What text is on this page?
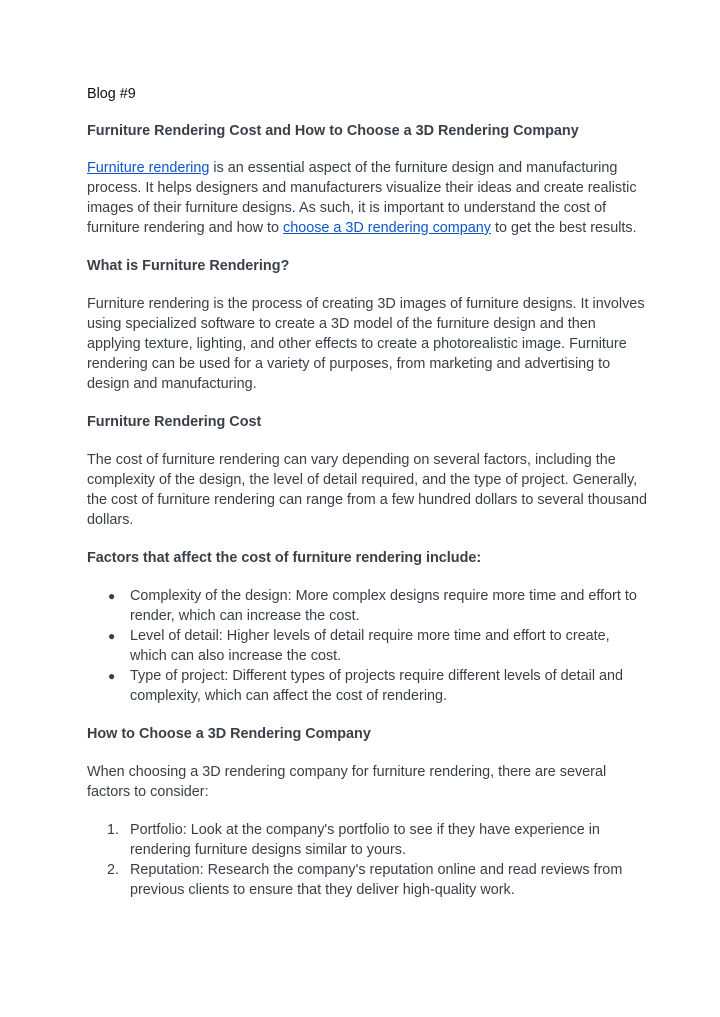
Blog #9

Furniture Rendering Cost and How to Choose a 3D Rendering Company

Furniture rendering is an essential aspect of the furniture design and manufacturing process. It helps designers and manufacturers visualize their ideas and create realistic images of their furniture designs. As such, it is important to understand the cost of furniture rendering and how to choose a 3D rendering company to get the best results.

What is Furniture Rendering?

Furniture rendering is the process of creating 3D images of furniture designs. It involves using specialized software to create a 3D model of the furniture design and then applying texture, lighting, and other effects to create a photorealistic image. Furniture rendering can be used for a variety of purposes, from marketing and advertising to design and manufacturing.

Furniture Rendering Cost

The cost of furniture rendering can vary depending on several factors, including the complexity of the design, the level of detail required, and the type of project. Generally, the cost of furniture rendering can range from a few hundred dollars to several thousand dollars.

Factors that affect the cost of furniture rendering include:

● Complexity of the design: More complex designs require more time and effort to render, which can increase the cost.
● Level of detail: Higher levels of detail require more time and effort to create, which can also increase the cost.
● Type of project: Different types of projects require different levels of detail and complexity, which can affect the cost of rendering.

How to Choose a 3D Rendering Company

When choosing a 3D rendering company for furniture rendering, there are several factors to consider:

1. Portfolio: Look at the company's portfolio to see if they have experience in rendering furniture designs similar to yours.
2. Reputation: Research the company's reputation online and read reviews from previous clients to ensure that they deliver high-quality work.
